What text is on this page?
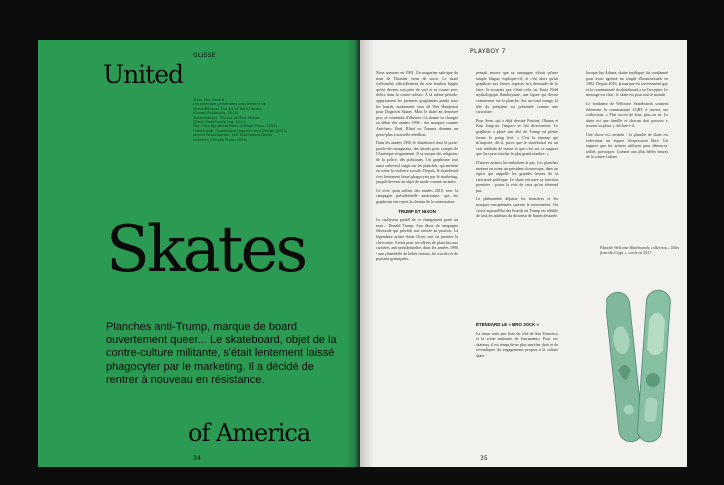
GLISSE
United
Texte Seb Gerard
Les planches présentées proviennent de :
Seen&Believe: The Art of Todd Francis
(Drexel Publishing, 2015)
Skaterlobster: The Art of Marc McKee
(Black Rails Publishing, 2011)
Skin: The Big Board Book (Ginkgo Press, 2008)
Handshake: Skateboard Graphics and Design (2011)
Japans Powerstation: 100 Skateboard Decks
Graphics (Gingko Press, 2016)
Skates
Planches anti-Trump, marque de board ouvertement queer... Le skateboard, objet de la contre-culture militante, s'était lentement laissé phagocyter par le marketing. Il a décidé de rentrer à nouveau en résistance.
of America
34
PLAYBOY 7

Nous sommes en 1981. Un magazine satirique du nom de Thrasher vient de sortir. Le skate s'affranchit officiellement du rose bonbon hippie qu'est devenu son père de surf et se vautre avec délice dans la contre-culture. À la même période, apparaissent les premiers graphismes punks sous les boards, notamment ceux de Wes Humpston pour Dogtown Skates. Mais le skate ait demeuré peu, se contentait d'illustrer. La donne va changer au début des années 1990 : des marques comme Anti-hero, Real, Blind ou Trauma donnent un genre plus à nouvelle rebellion.

Dans les années 1990, le skateboard reste le porte-parole des marginaux, des laissés pour compte de l'Amérique reaganienne. Il se moque des religions, de la police, des politiques. Un graphisme tout aussi subversif surgit sur les planches, qui mettent en scène la violence sociale. Depuis, le skateboard s'est lentement laissé phagocyter par le marketing, jusqu'à devenir un objet de mode comme un autre.

Ce n'est qu'au milieu des années 2010, avec la campagne présidentielle américaine, que les graphistes ont repris le chemin de la contestation.

TRUMP ET NIXON

Le catalyseur partiel de ce changement porte un nom : Donald Trump. Son décor de campagne électorale qui précède son arrivée au pouvoir. La légendaire artiste Sean Cliver sort en premier la chevrotine. Certes pour ses élèves de planches aux carrières anti-présidentielles dans les années 1990 - une ribambelle de bébés furieux, de crucifix et de portraits grimaçants.

pensait encore que sa campagne n'était qu'une simple blague, explique-t-il, et c'est alors qu'un graphiste aux lettres reprises m'a demandé de le faire. Je trouvais que c'était cela, un Toute Nold mythologique flamboyante, une figure qui devait commencer sur la planche. Sur un fond orange, la tête du président est présentée comme une caricature.

Pour Sean, qui a déjà dessiné Poutine, Obama et Kim Jong-un, l'impact se fait directement. Le graphiste a placé une tête de Trump en pleine forme, le poing levé. « C'est la réponse qui m'importe, dit-il, parce que le skateboard est un vrai médium de masse et que c'est sur ce support que l'art peut toucher le plus grand nombre. »

D'autres artistes lui emboîtent le pas. Les planches mettent en scène un président clownesque, dans un esprit qui rappelle les grandes heures de la caricature politique. Le skate retrouve sa fonction première : porter la voix de ceux qu'on n'entend pas.

Le phénomène dépasse les frontières et les marques européennes suivent le mouvement. On croise aujourd'hui des boards où Trump est affublé de tous les attributs du dictateur de bande dessinée.

ÉTENDARD LE « BRO JOCK »

La tenue reste peu lisse du côté de San Francisco et la scène militante de Sacramento. Pour ces skateurs, il est temps de ne plus marcher droit et de revendiquer les engagements propres à la culture skate.

lorsque Jay Adams, skater mythique, fut condamné pour avoir agressé un couple d'homosexuels en 1982. Depuis 2016, la marque est ouvertement gay et la communauté du skateboard a su l'accepter. Le message est clair : le skate est pour tout le monde.

Le fondateur de Welcome Skateboards soutient fièrement la communauté LGBT à travers ses collections. « Plus on est de fous, plus on rit. Le skate est une famille et chacun doit pouvoir y trouver sa place », déclare-t-il.

Une chose est certaine : la planche de skate est redevenue un espace d'expression libre. Un support que les artistes utilisent pour dénoncer, railler, provoquer. Comme aux plus belles heures de la contre-culture.

Planche Welcome Skateboards, collection « Tales from the Crypt », sortie en 2017.
35
